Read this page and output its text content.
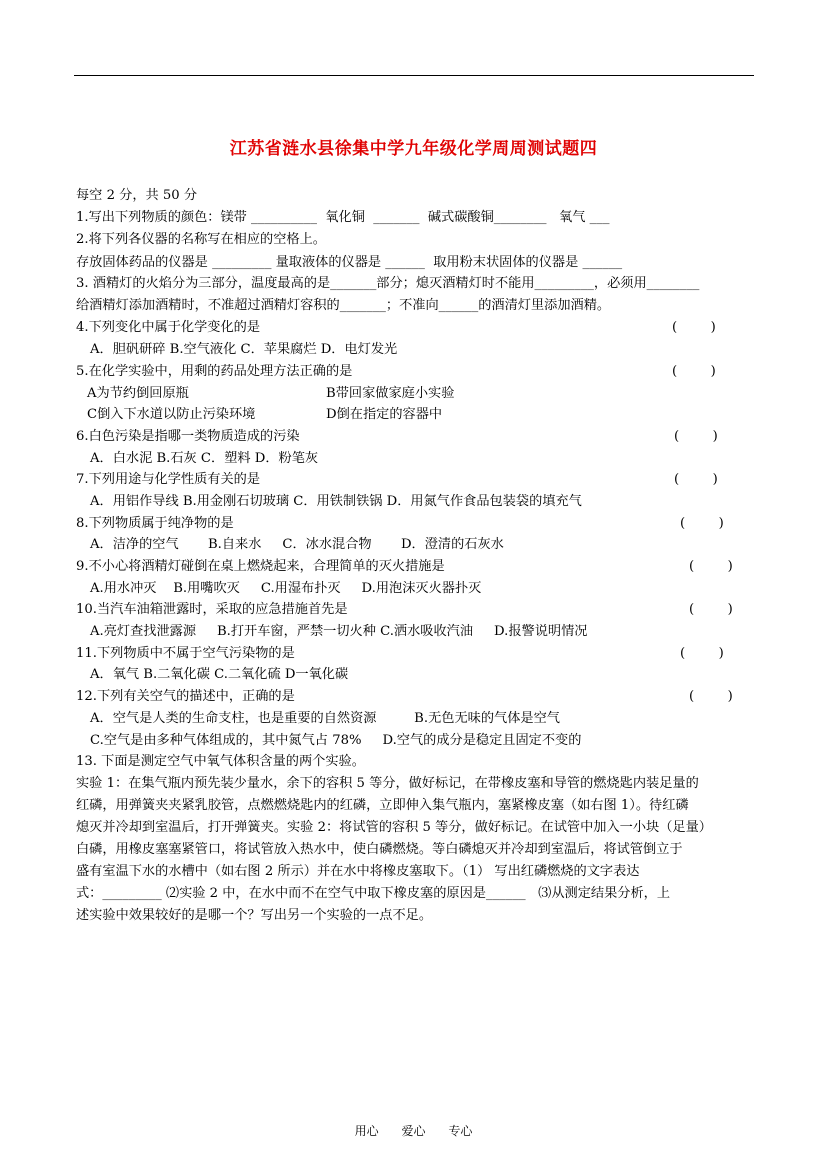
江苏省涟水县徐集中学九年级化学周周测试题四
每空 2 分，共 50 分
1.写出下列物质的颜色：镁带 __________  氧化铜  _______  碱式碳酸铜________   氧气 ___
2.将下列各仪器的名称写在相应的空格上。
存放固体药品的仪器是 _________ 量取液体的仪器是 ______  取用粉末状固体的仪器是 ______
3. 酒精灯的火焰分为三部分，温度最高的是_______部分；熄灭酒精灯时不能用_________，必须用________
给酒精灯添加酒精时，不准超过酒精灯容积的_______；不准向______的酒清灯里添加酒精。
4.下列变化中属于化学变化的是	(        )
A．胆矾研碎 B.空气液化 C．苹果腐烂 D．电灯发光
5.在化学实验中，用剩的药品处理方法正确的是	(        )
A为节约倒回原瓶	B带回家做家庭小实验
C倒入下水道以防止污染环境	D倒在指定的容器中
6.白色污染是指哪一类物质造成的污染	(        )
A．白水泥 B.石灰 C．塑料 D．粉笔灰
7.下列用途与化学性质有关的是	(        )
A．用铝作导线 B.用金刚石切玻璃 C．用铁制铁锅 D．用氮气作食品包装袋的填充气
8.下列物质属于纯净物的是	(        )
A．洁净的空气       B.自来水     C．冰水混合物       D．澄清的石灰水
9.不小心将酒精灯碰倒在桌上燃烧起来，合理简单的灭火措施是	(        )
A.用水冲灭    B.用嘴吹灭     C.用湿布扑灭     D.用泡沫灭火器扑灭
10.当汽车油箱泄露时，采取的应急措施首先是	(        )
A.亮灯查找泄露源     B.打开车窗，严禁一切火种 C.洒水吸收汽油     D.报警说明情况
11.下列物质中不属于空气污染物的是	(        )
A．氧气 B.二氧化碳 C.二氧化硫 D一氧化碳
12.下列有关空气的描述中，正确的是	(        )
A．空气是人类的生命支柱，也是重要的自然资源         B.无色无味的气体是空气
C.空气是由多种气体组成的，其中氮气占 78%     D.空气的成分是稳定且固定不变的
13. 下面是测定空气中氧气体积含量的两个实验。
实验 1：在集气瓶内预先装少量水，余下的容积 5 等分，做好标记，在带橡皮塞和导管的燃烧匙内装足量的
红磷，用弹簧夹夹紧乳胶管，点燃燃烧匙内的红磷，立即伸入集气瓶内，塞紧橡皮塞（如右图 1）。待红磷
熄灭并冷却到室温后，打开弹簧夹。实验 2：将试管的容积 5 等分，做好标记。在试管中加入一小块（足量）
白磷，用橡皮塞塞紧管口，将试管放入热水中，使白磷燃烧。等白磷熄灭并冷却到室温后，将试管倒立于
盛有室温下水的水槽中（如右图 2 所示）并在水中将橡皮塞取下。（1） 写出红磷燃烧的文字表达
式：_________ ⑵实验 2 中，在水中而不在空气中取下橡皮塞的原因是______   ⑶从测定结果分析，上
述实验中效果较好的是哪一个？写出另一个实验的一点不足。
用心      爱心      专心
